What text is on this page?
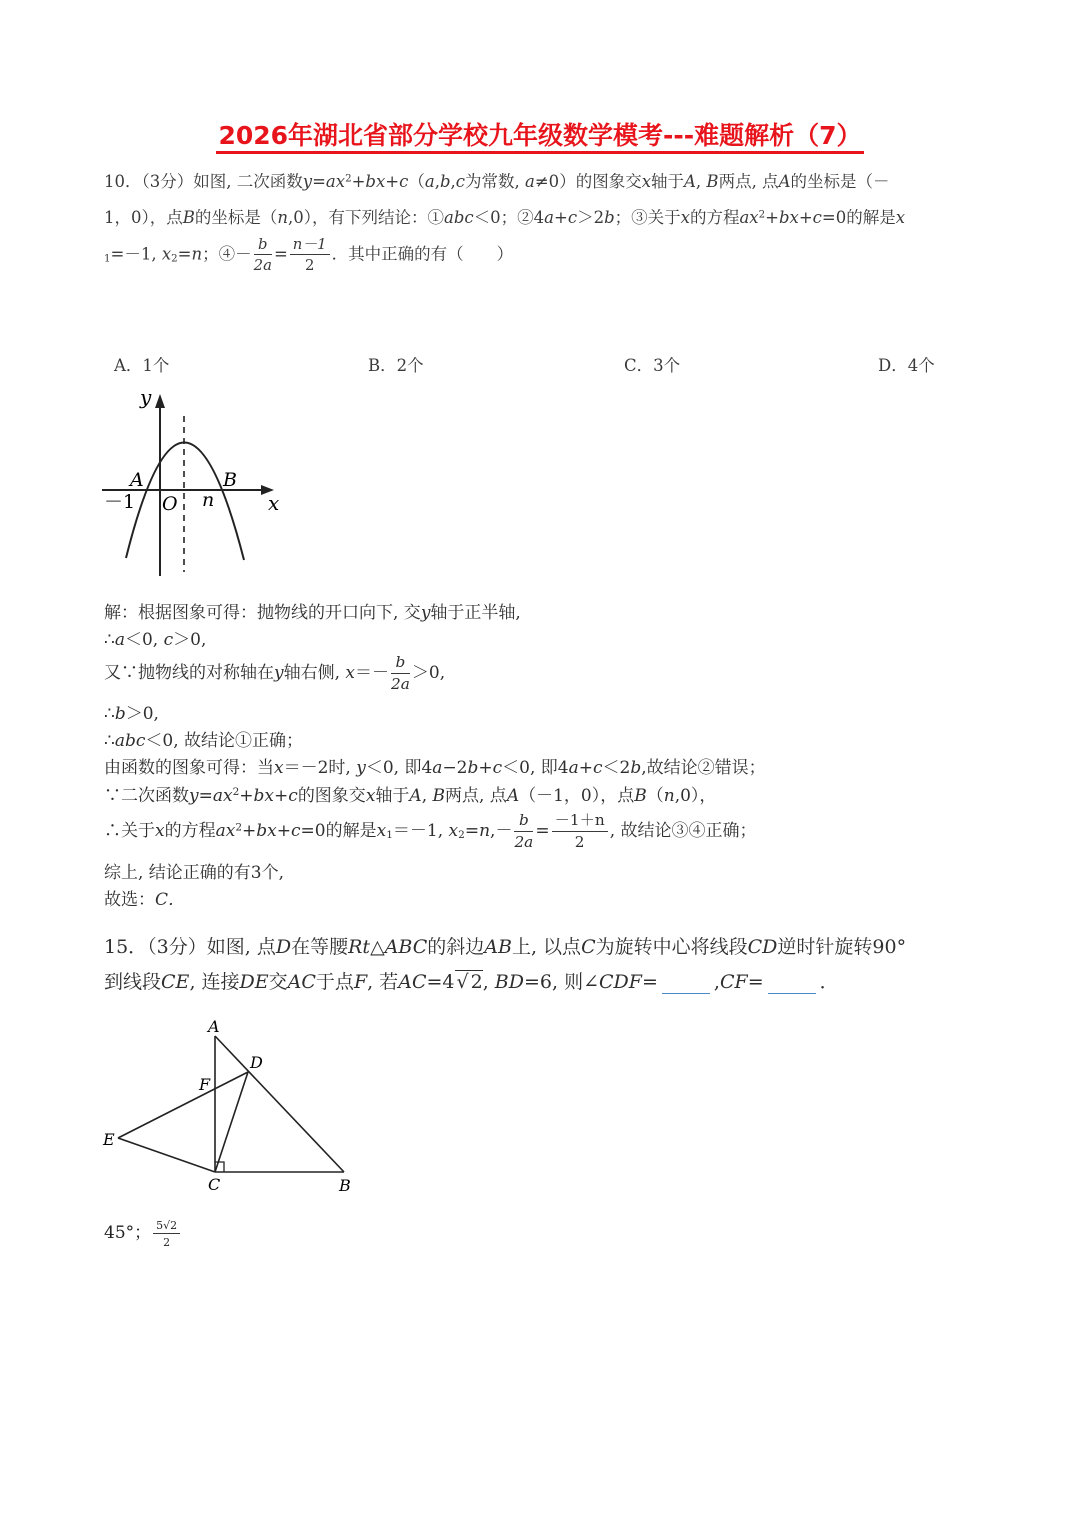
2026年湖北省部分学校九年级数学模考---难题解析（7）
10．（3分）如图, 二次函数$y=ax^2+bx+c(a,b,c$为常数, a≠0）的图象交x轴于A, B两点, 点A的坐标是（－
1，0），点B的坐标是（n,0），有下列结论：①abc＜0；②4a+c＞2b；③关于x的方程$ax^2+bx+c=0$的解是x
$_1$=－1, $x_2=n$；④－ $\frac{b}{2a} = \frac{n-1}{2}$ ．其中正确的有（　　）
A．1个	B．2个	C．3个	D．4个
y
x
A	B
O n
－1
解：根据图象可得：抛物线的开口向下, 交y轴于正半轴,
∴a＜0, c＞0,
又∵抛物线的对称轴在y轴右侧, $x=- \frac{b}{2a} >0$,
∴b＞0,
∴abc＜0, 故结论①正确；
由函数的图象可得：当x＝－2时, y＜0, 即4a−2b+c＜0, 即4a+c＜2b,故结论②错误；
∵二次函数$y=ax^2+bx+c$的图象交x轴于A, B两点, 点A（－1，0），点B（n,0），
∴关于x的方程$ax^2+bx+c=0$的解是$x_1=-1$, $x_2=n,- \frac{b}{2a} = \frac{-1+n}{2}$ , 故结论③④正确；
综上, 结论正确的有3个,
故选：C．
15．（3分）如图, 点D在等腰Rt△ABC的斜边AB上, 以点C为旋转中心将线段CD逆时针旋转90°
到线段CE, 连接DE交AC于点F, 若AC=4 √ 2, BD=6, 则∠CDF=	,CF=	．
A
D
F
E
C	B
45°； $\frac{5√2}{2}$
